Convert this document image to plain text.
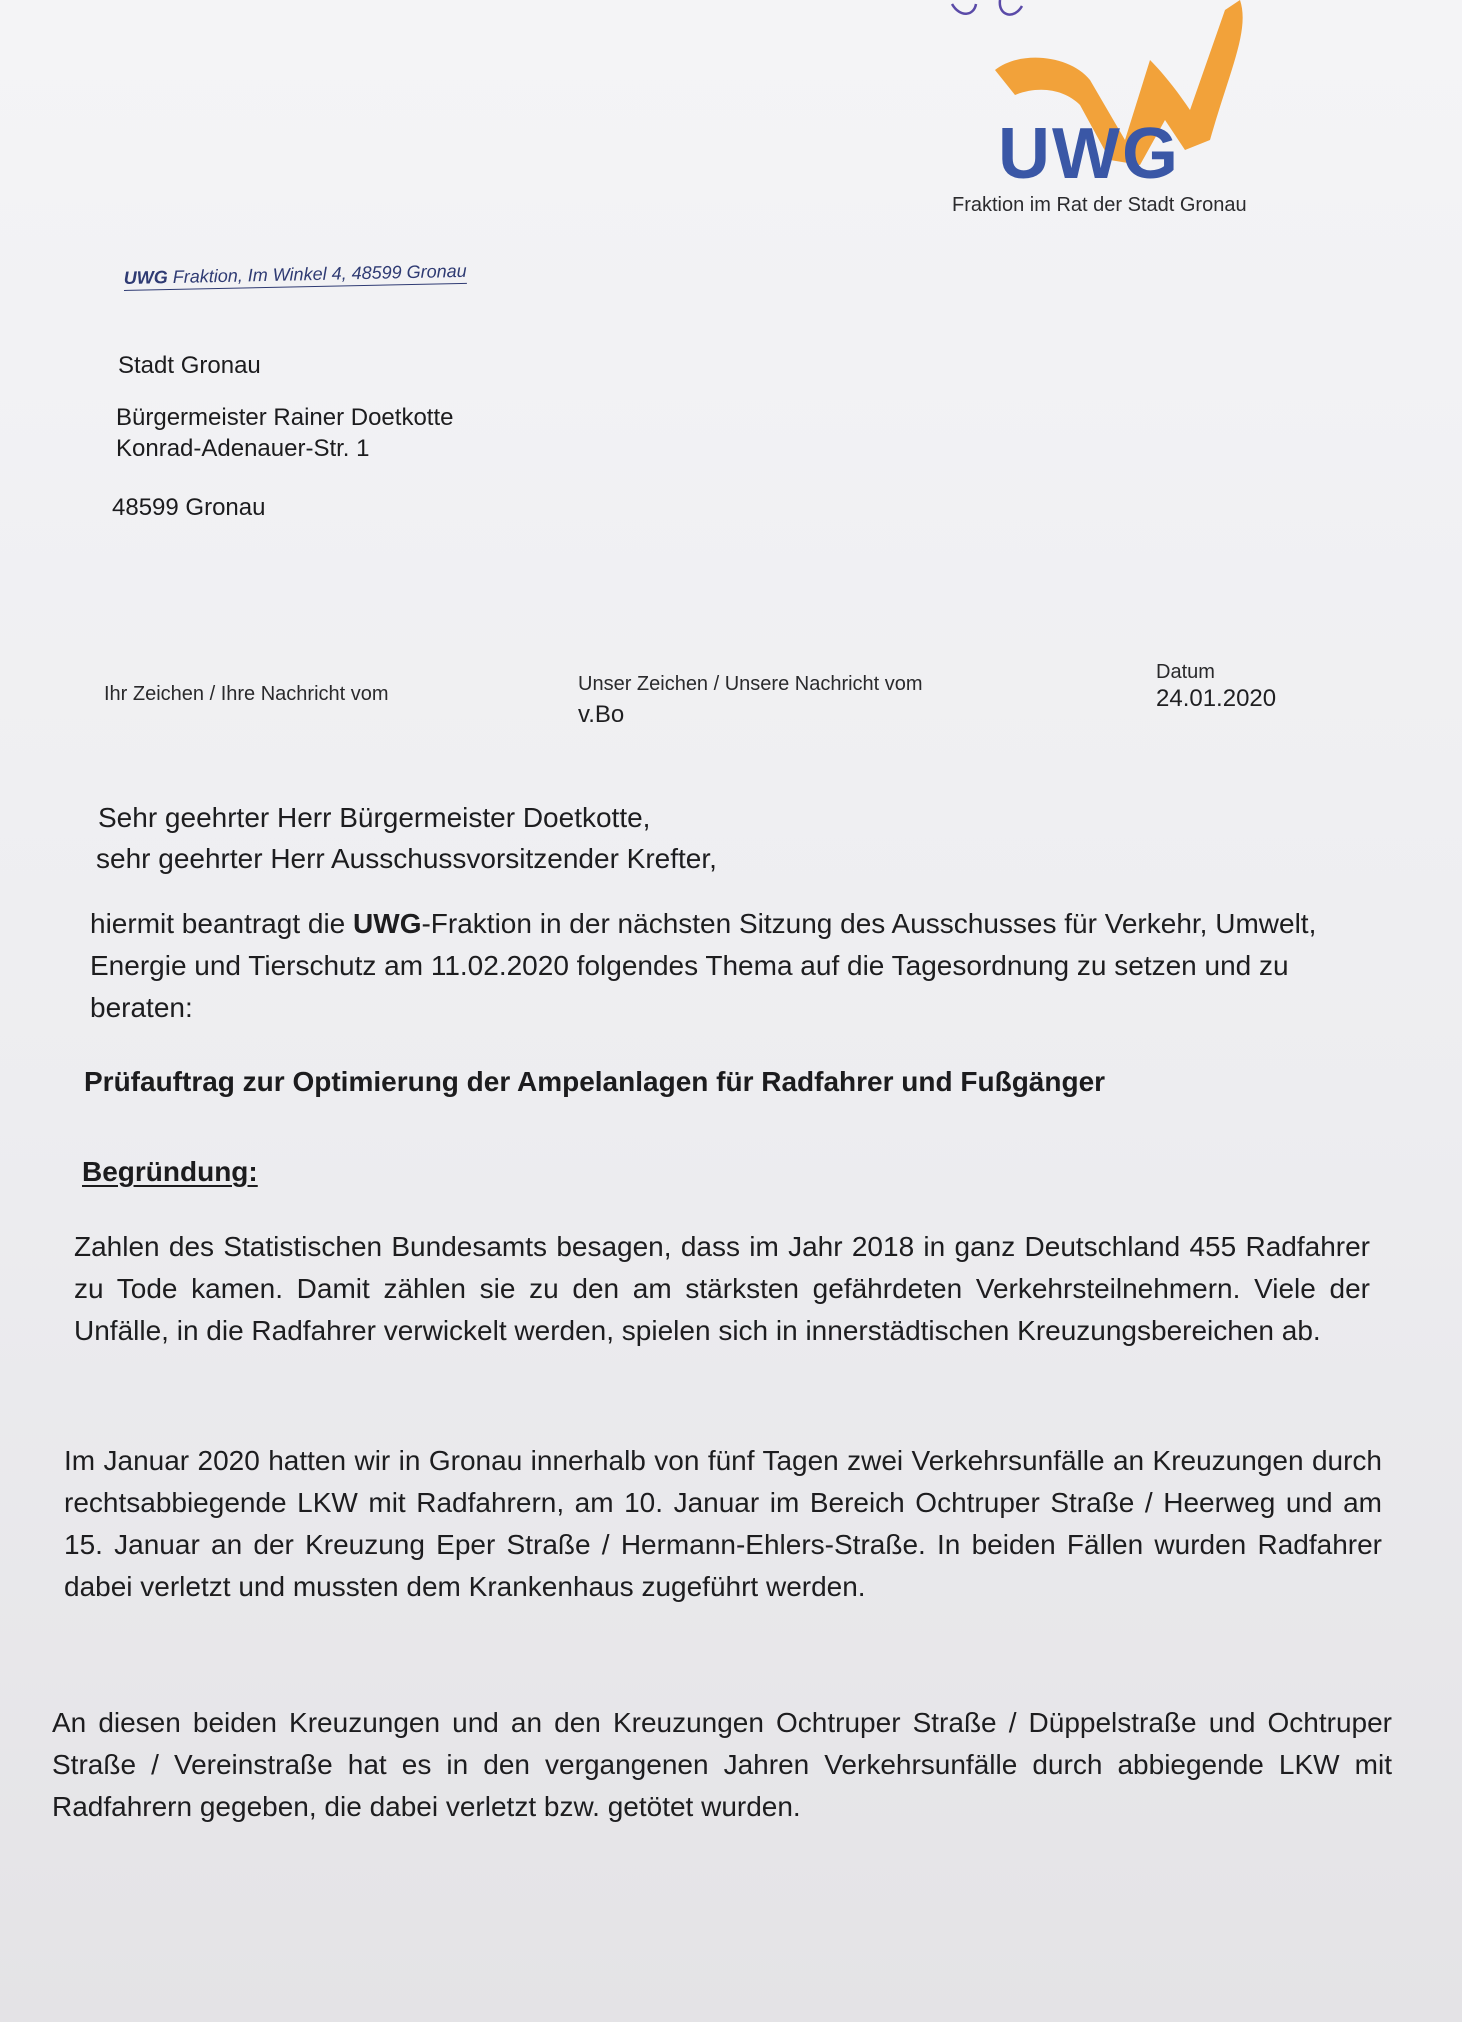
UWG
Fraktion im Rat der Stadt Gronau
UWG Fraktion, Im Winkel 4, 48599 Gronau
Stadt Gronau
Bürgermeister Rainer Doetkotte
Konrad-Adenauer-Str. 1
48599 Gronau
Ihr Zeichen / Ihre Nachricht vom	Unser Zeichen / Unsere Nachricht vom
v.Bo
Datum
24.01.2020
Sehr geehrter Herr Bürgermeister Doetkotte,
sehr geehrter Herr Ausschussvorsitzender Krefter,
hiermit beantragt die UWG-Fraktion in der nächsten Sitzung des Ausschusses für Verkehr, Umwelt, Energie und Tierschutz am 11.02.2020 folgendes Thema auf die Tagesordnung zu setzen und zu beraten:
Prüfauftrag zur Optimierung der Ampelanlagen für Radfahrer und Fußgänger
Begründung:
Zahlen des Statistischen Bundesamts besagen, dass im Jahr 2018 in ganz Deutschland 455 Radfahrer zu Tode kamen. Damit zählen sie zu den am stärksten gefährdeten Verkehrsteilnehmern. Viele der Unfälle, in die Radfahrer verwickelt werden, spielen sich in innerstädtischen Kreuzungsbereichen ab.
Im Januar 2020 hatten wir in Gronau innerhalb von fünf Tagen zwei Verkehrsunfälle an Kreuzungen durch rechtsabbiegende LKW mit Radfahrern, am 10. Januar im Bereich Ochtruper Straße / Heerweg und am 15. Januar an der Kreuzung Eper Straße / Hermann-Ehlers-Straße. In beiden Fällen wurden Radfahrer dabei verletzt und mussten dem Krankenhaus zugeführt werden.
An diesen beiden Kreuzungen und an den Kreuzungen Ochtruper Straße / Düppelstraße und Ochtruper Straße / Vereinstraße hat es in den vergangenen Jahren Verkehrsunfälle durch abbiegende LKW mit Radfahrern gegeben, die dabei verletzt bzw. getötet wurden.
